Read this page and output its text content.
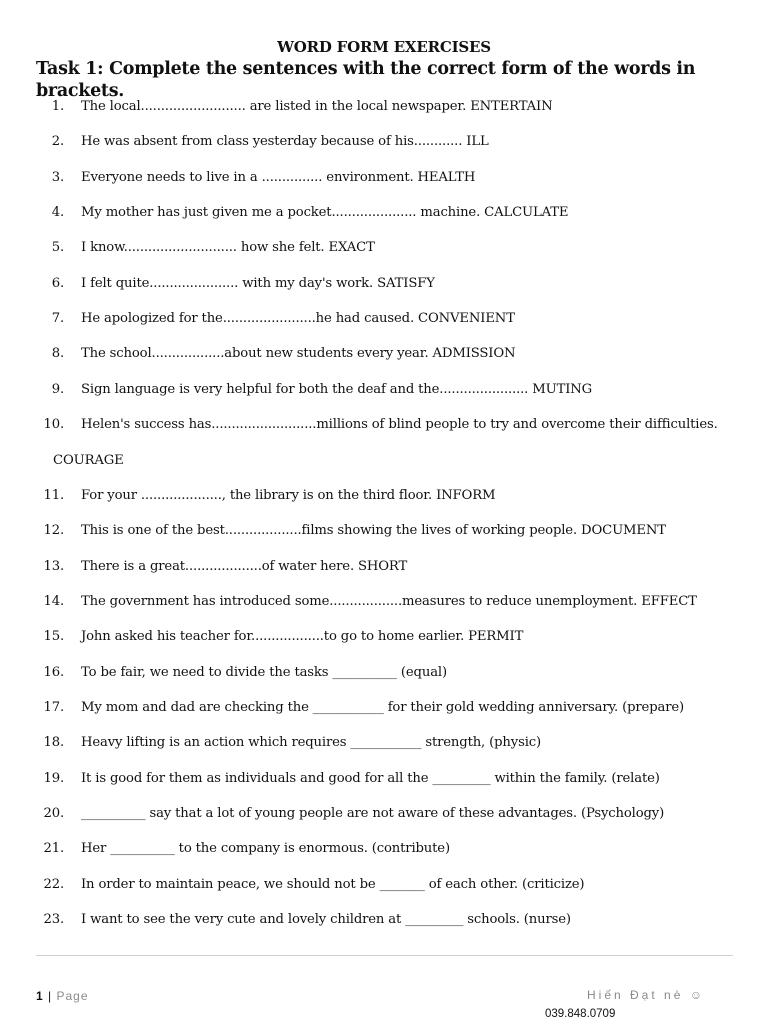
WORD FORM EXERCISES
Task 1: Complete the sentences with the correct form of the words in brackets.
1. The local.......................... are listed in the local newspaper. ENTERTAIN
2. He was absent from class yesterday because of his............ ILL
3. Everyone needs to live in a ............... environment. HEALTH
4. My mother has just given me a pocket..................... machine. CALCULATE
5. I know............................ how she felt. EXACT
6. I felt quite...................... with my day's work. SATISFY
7. He apologized for the.......................he had caused. CONVENIENT
8. The school..................about new students every year. ADMISSION
9. Sign language is very helpful for both the deaf and the...................... MUTING
10. Helen's success has..........................millions of blind people to try and overcome their difficulties.
COURAGE
11. For your ...................., the library is on the third floor. INFORM
12. This is one of the best...................films showing the lives of working people. DOCUMENT
13. There is a great...................of water here. SHORT
14. The government has introduced some..................measures to reduce unemployment. EFFECT
15. John asked his teacher for..................to go to home earlier. PERMIT
16. To be fair, we need to divide the tasks __________ (equal)
17. My mom and dad are checking the ___________ for their gold wedding anniversary. (prepare)
18. Heavy lifting is an action which requires ___________ strength, (physic)
19. It is good for them as individuals and good for all the _________ within the family. (relate)
20. __________ say that a lot of young people are not aware of these advantages. (Psychology)
21. Her __________ to the company is enormous. (contribute)
22. In order to maintain peace, we should not be _______ of each other. (criticize)
23. I want to see the very cute and lovely children at _________ schools. (nurse)
1 | Page	Hiến Đạt nè ☺
039.848.0709
